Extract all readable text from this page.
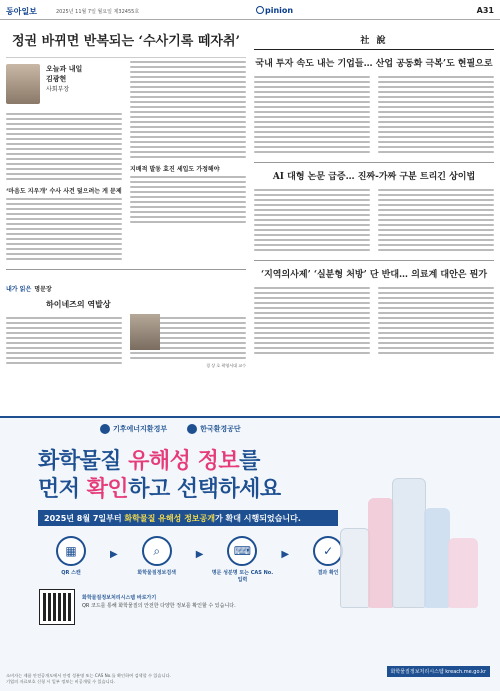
동아일보	2025년 11월 7일 월요일 제32455호	pinion	A31
정권 바뀌면 반복되는 ‘수사기록 떼자취’
오늘과 내일
김광현
사회부장
‘마음도 지우개’ 수사 사건 덮으려는 게 문제
지배적 발동 효진 세입도 가정해야
내가 읽은 명문장
하이네즈의 역발상
경 상 호 곽영서대 교수
社 說
국내 투자 속도 내는 기업들… 산업 공동화 극복’도 현필으로
AI 대형 논문 급증… 진짜-가짜 구분 트리긴 상이법
‘지역의사제’ ‘실분형 처방’ 단 반대… 의료계 대안은 뭔가
기후에너지환경부	한국환경공단
화학물질 유해성 정보를
먼저 확인하고 선택하세요
2025년 8월 7일부터 화학물질 유해성 정보공개가 확대 시행되었습니다.
▦
QR 스캔
▶	⌕
화학물질정보검색
▶	⌨
명문 성분명 또는 CAS No. 입력
▶	✓
결과 확인
화학물질정보처리시스템 바로가기
QR 코드를 통해 화학물질의 안전한 다양한 정보를 확인할 수 있습니다.
소비자는 제품 안전공개도에서 안정 성분명 또는 CAS No.를 확인하여 검색할 수 있습니다.
기업의 자료보호 신청 시 일부 정보는 비공개될 수 있습니다.
화학물질정보처리시스템 kreach.me.go.kr
